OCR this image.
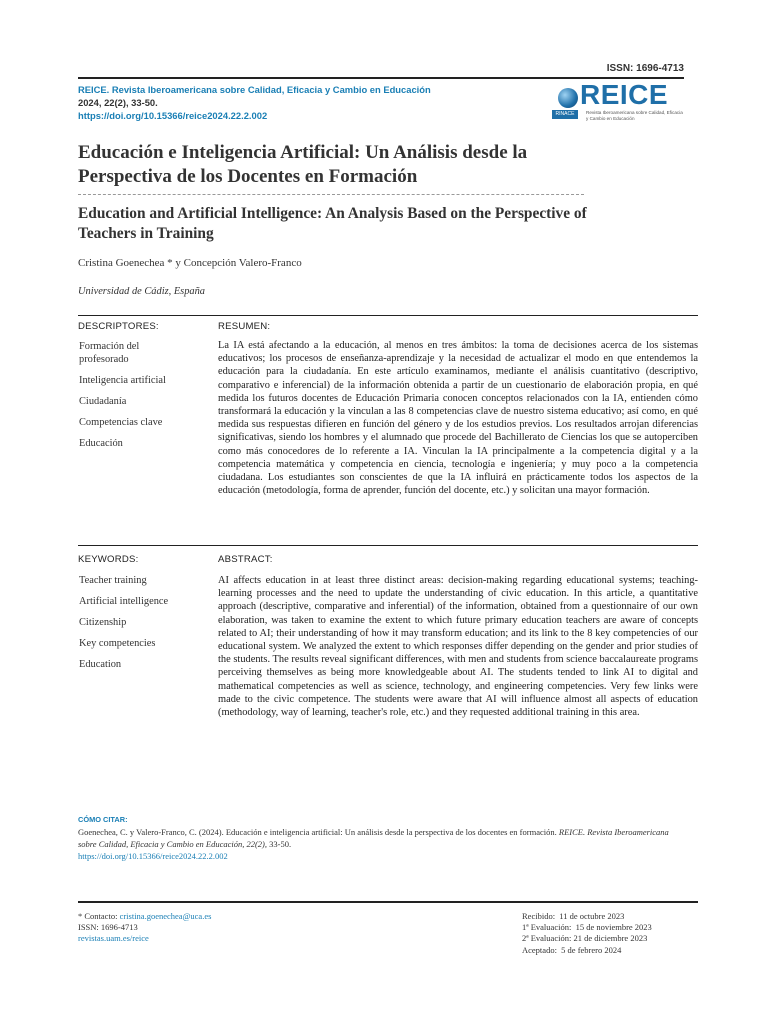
ISSN: 1696-4713
REICE. Revista Iberoamericana sobre Calidad, Eficacia y Cambio en Educación
2024, 22(2), 33-50.
https://doi.org/10.15366/reice2024.22.2.002
REICE
RINACE	Revista Iberoamericana sobre Calidad, Eficacia y Cambio en Educación
Educación e Inteligencia Artificial: Un Análisis desde la Perspectiva de los Docentes en Formación
Education and Artificial Intelligence: An Analysis Based on the Perspective of Teachers in Training
Cristina Goenechea * y Concepción Valero-Franco
Universidad de Cádiz, España
DESCRIPTORES:	RESUMEN:
Formación del profesorado
Inteligencia artificial
Ciudadanía
Competencias clave
Educación
La IA está afectando a la educación, al menos en tres ámbitos: la toma de decisiones acerca de los sistemas educativos; los procesos de enseñanza-aprendizaje y la necesidad de actualizar el modo en que entendemos la educación para la ciudadanía. En este artículo examinamos, mediante el análisis cuantitativo (descriptivo, comparativo e inferencial) de la información obtenida a partir de un cuestionario de elaboración propia, en qué medida los futuros docentes de Educación Primaria conocen conceptos relacionados con la IA, entienden cómo transformará la educación y la vinculan a las 8 competencias clave de nuestro sistema educativo; así como, en qué medida sus respuestas difieren en función del género y de los estudios previos. Los resultados arrojan diferencias significativas, siendo los hombres y el alumnado que procede del Bachillerato de Ciencias los que se autoperciben como más conocedores de lo referente a IA. Vinculan la IA principalmente a la competencia digital y a la competencia matemática y competencia en ciencia, tecnología e ingeniería; y muy poco a la competencia ciudadana. Los estudiantes son conscientes de que la IA influirá en prácticamente todos los aspectos de la educación (metodología, forma de aprender, función del docente, etc.) y solicitan una mayor formación.
KEYWORDS:	ABSTRACT:
Teacher training
Artificial intelligence
Citizenship
Key competencies
Education
AI affects education in at least three distinct areas: decision-making regarding educational systems; teaching-learning processes and the need to update the understanding of civic education. In this article, a quantitative approach (descriptive, comparative and inferential) of the information, obtained from a questionnaire of our own elaboration, was taken to examine the extent to which future primary education teachers are aware of concepts related to AI; their understanding of how it may transform education; and its link to the 8 key competencies of our educational system. We analyzed the extent to which responses differ depending on the gender and prior studies of the students. The results reveal significant differences, with men and students from science baccalaureate programs perceiving themselves as being more knowledgeable about AI. The students tended to link AI to digital and mathematical competencies as well as science, technology, and engineering competencies. Very few links were made to the civic competence. The students were aware that AI will influence almost all aspects of education (methodology, way of learning, teacher's role, etc.) and they requested additional training in this area.
CÓMO CITAR:
Goenechea, C. y Valero-Franco, C. (2024). Educación e inteligencia artificial: Un análisis desde la perspectiva de los docentes en formación. REICE. Revista Iberoamericana sobre Calidad, Eficacia y Cambio en Educación, 22(2), 33-50.
https://doi.org/10.15366/reice2024.22.2.002
* Contacto: cristina.goenechea@uca.es
ISSN: 1696-4713
revistas.uam.es/reice
Recibido:  11 de octubre 2023
1ª Evaluación:  15 de noviembre 2023
2ª Evaluación: 21 de diciembre 2023
Aceptado:  5 de febrero 2024
